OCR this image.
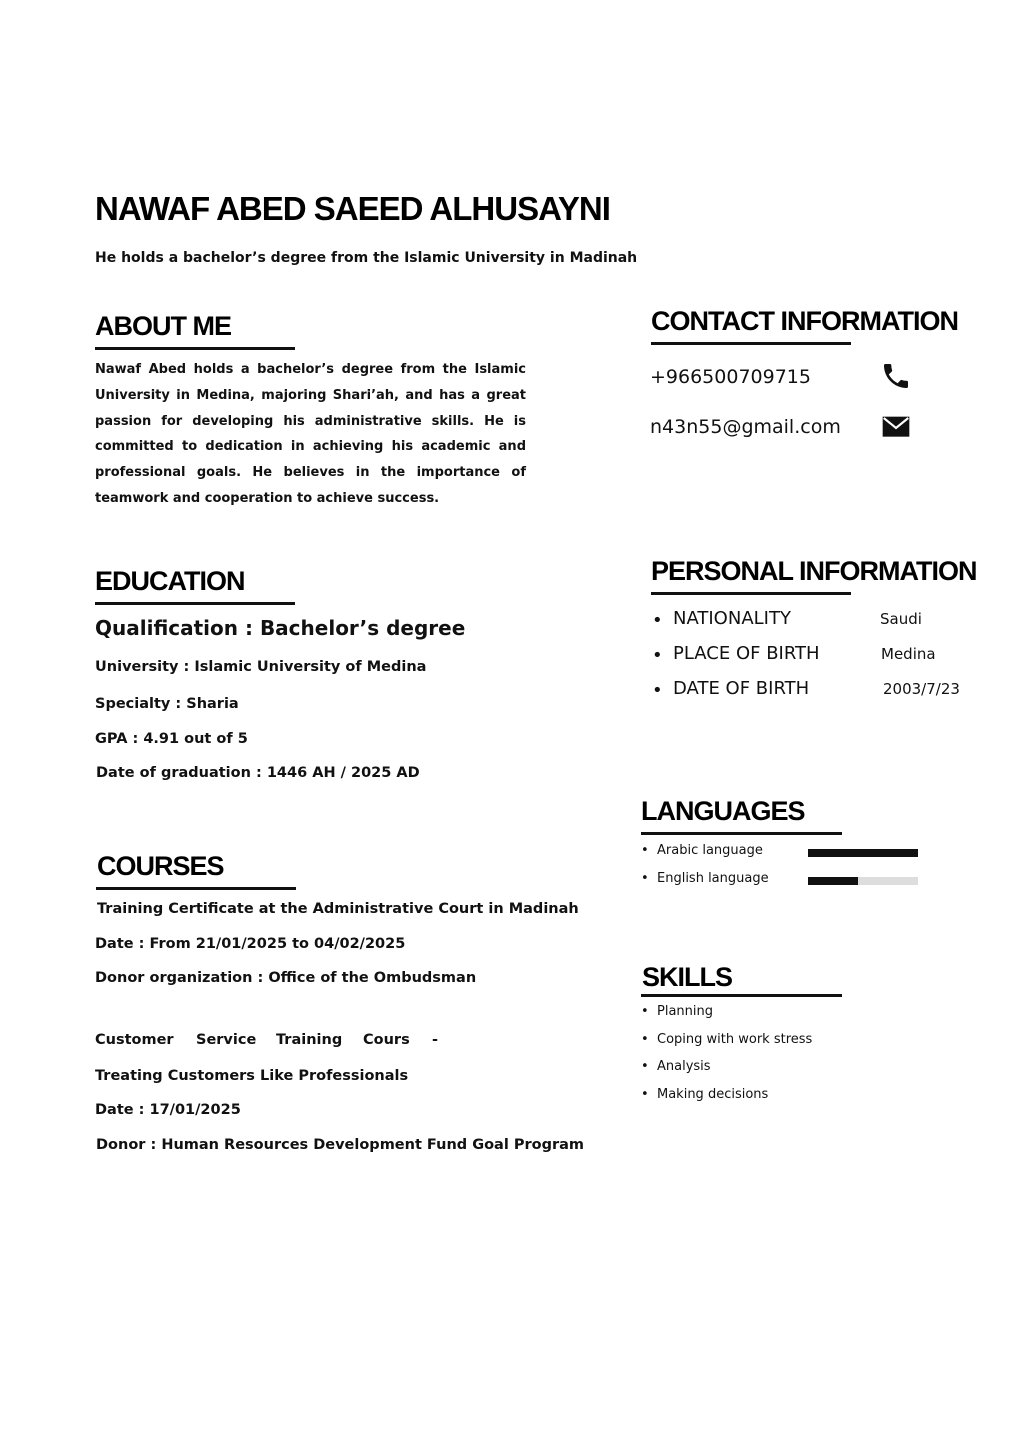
NAWAF ABED SAEED ALHUSAYNI
He holds a bachelor’s degree from the Islamic University in Madinah
ABOUT ME
Nawaf Abed holds a bachelor’s degree from the Islamic University in Medina, majoring Shari’ah, and has a great passion for developing his administrative skills. He is committed to dedication in achieving his academic and professional goals. He believes in the importance of teamwork and cooperation to achieve success.
EDUCATION
Qualification : Bachelor’s degree
University : Islamic University of Medina
Specialty : Sharia
GPA : 4.91 out of 5
Date of graduation : 1446 AH / 2025 AD
COURSES
Training Certificate at the Administrative Court in Madinah
Date : From 21/01/2025 to 04/02/2025
Donor organization : Office of the Ombudsman
Customer Service Training Cours -
Treating Customers Like Professionals
Date : 17/01/2025
Donor : Human Resources Development Fund Goal Program
CONTACT INFORMATION
+966500709715
n43n55@gmail.com
PERSONAL INFORMATION
• NATIONALITY	Saudi
• PLACE OF BIRTH	Medina
• DATE OF BIRTH	2003/7/23
LANGUAGES
• Arabic language
• English language
SKILLS
• Planning
• Coping with work stress
• Analysis
• Making decisions
